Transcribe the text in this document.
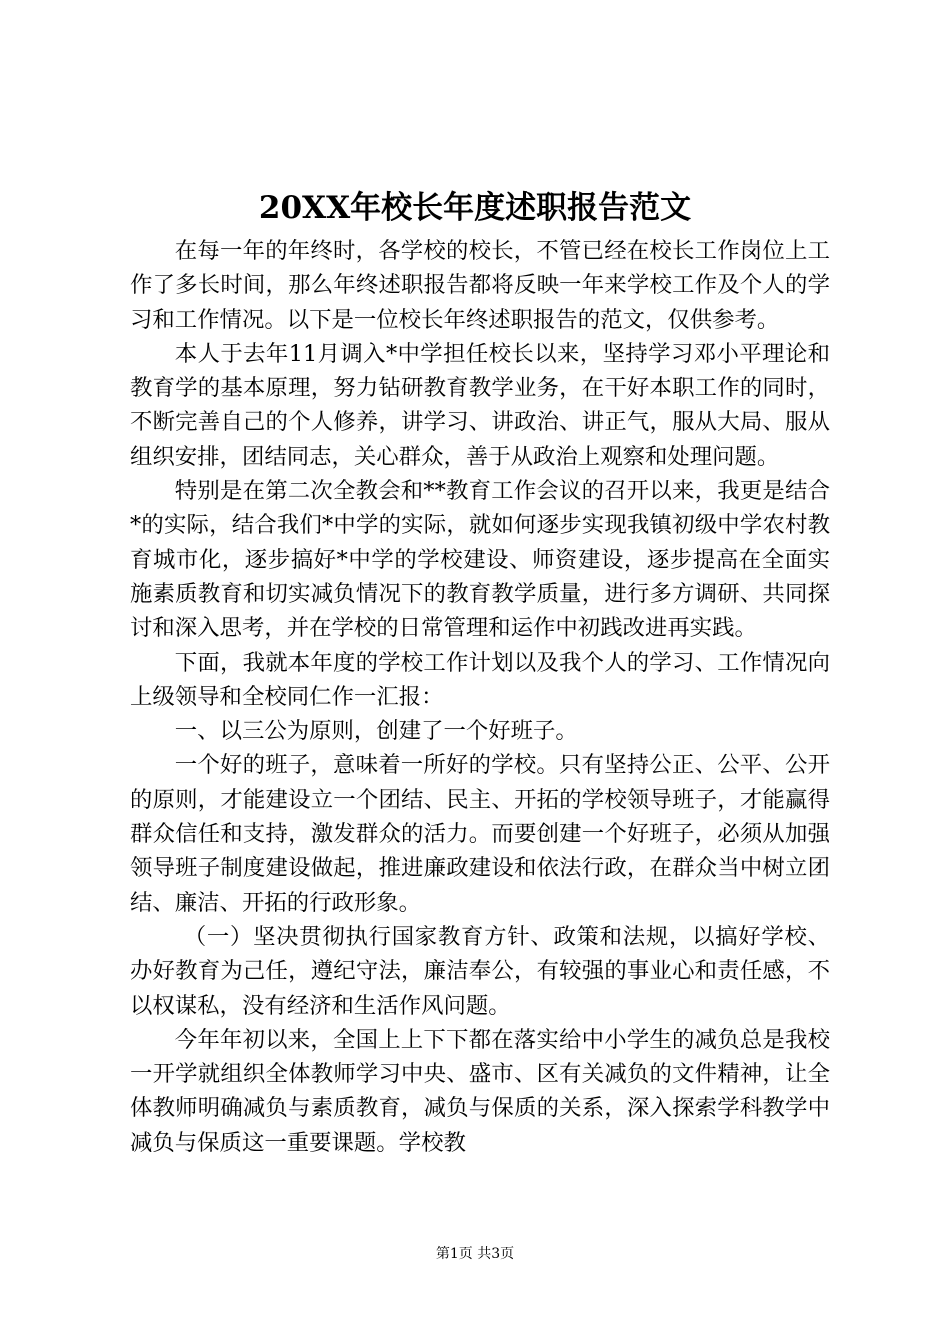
20XX年校长年度述职报告范文

在每一年的年终时，各学校的校长，不管已经在校长工作岗位上工作了多长时间，那么年终述职报告都将反映一年来学校工作及个人的学习和工作情况。以下是一位校长年终述职报告的范文，仅供参考。

本人于去年11月调入*中学担任校长以来，坚持学习邓小平理论和教育学的基本原理，努力钻研教育教学业务，在干好本职工作的同时，不断完善自己的个人修养，讲学习、讲政治、讲正气，服从大局、服从组织安排，团结同志，关心群众，善于从政治上观察和处理问题。

特别是在第二次全教会和**教育工作会议的召开以来，我更是结合*的实际，结合我们*中学的实际，就如何逐步实现我镇初级中学农村教育城市化，逐步搞好*中学的学校建设、师资建设，逐步提高在全面实施素质教育和切实减负情况下的教育教学质量，进行多方调研、共同探讨和深入思考，并在学校的日常管理和运作中初践改进再实践。

下面，我就本年度的学校工作计划以及我个人的学习、工作情况向上级领导和全校同仁作一汇报：

一、以三公为原则，创建了一个好班子。

一个好的班子，意味着一所好的学校。只有坚持公正、公平、公开的原则，才能建设立一个团结、民主、开拓的学校领导班子，才能赢得群众信任和支持，激发群众的活力。而要创建一个好班子，必须从加强领导班子制度建设做起，推进廉政建设和依法行政，在群众当中树立团结、廉洁、开拓的行政形象。

（一）坚决贯彻执行国家教育方针、政策和法规，以搞好学校、办好教育为己任，遵纪守法，廉洁奉公，有较强的事业心和责任感，不以权谋私，没有经济和生活作风问题。

今年年初以来，全国上上下下都在落实给中小学生的减负总是我校一开学就组织全体教师学习中央、盛市、区有关减负的文件精神，让全体教师明确减负与素质教育，减负与保质的关系，深入探索学科教学中减负与保质这一重要课题。学校教

第1页 共3页
